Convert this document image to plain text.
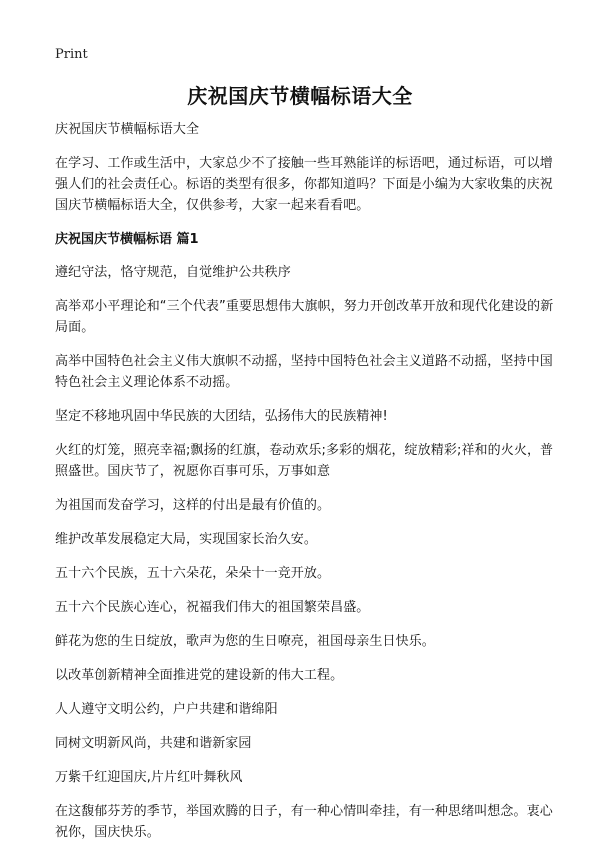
Print
庆祝国庆节横幅标语大全

庆祝国庆节横幅标语大全

在学习、工作或生活中，大家总少不了接触一些耳熟能详的标语吧，通过标语，可以增强人们的社会责任心。标语的类型有很多，你都知道吗？下面是小编为大家收集的庆祝国庆节横幅标语大全，仅供参考，大家一起来看看吧。

庆祝国庆节横幅标语 篇1

遵纪守法，恪守规范，自觉维护公共秩序

高举邓小平理论和“三个代表”重要思想伟大旗帜，努力开创改革开放和现代化建设的新局面。

高举中国特色社会主义伟大旗帜不动摇，坚持中国特色社会主义道路不动摇，坚持中国特色社会主义理论体系不动摇。

坚定不移地巩固中华民族的大团结，弘扬伟大的民族精神!

火红的灯笼，照亮幸福;飘扬的红旗，卷动欢乐;多彩的烟花，绽放精彩;祥和的火火，普照盛世。国庆节了，祝愿你百事可乐，万事如意

为祖国而发奋学习，这样的付出是最有价值的。

维护改革发展稳定大局，实现国家长治久安。

五十六个民族，五十六朵花，朵朵十一竞开放。

五十六个民族心连心，祝福我们伟大的祖国繁荣昌盛。

鲜花为您的生日绽放，歌声为您的生日嘹亮，祖国母亲生日快乐。

以改革创新精神全面推进党的建设新的伟大工程。

人人遵守文明公约，户户共建和谐绵阳

同树文明新风尚，共建和谐新家园

万紫千红迎国庆,片片红叶舞秋风

在这馥郁芬芳的季节，举国欢腾的日子，有一种心情叫牵挂，有一种思绪叫想念。衷心祝你，国庆快乐。
